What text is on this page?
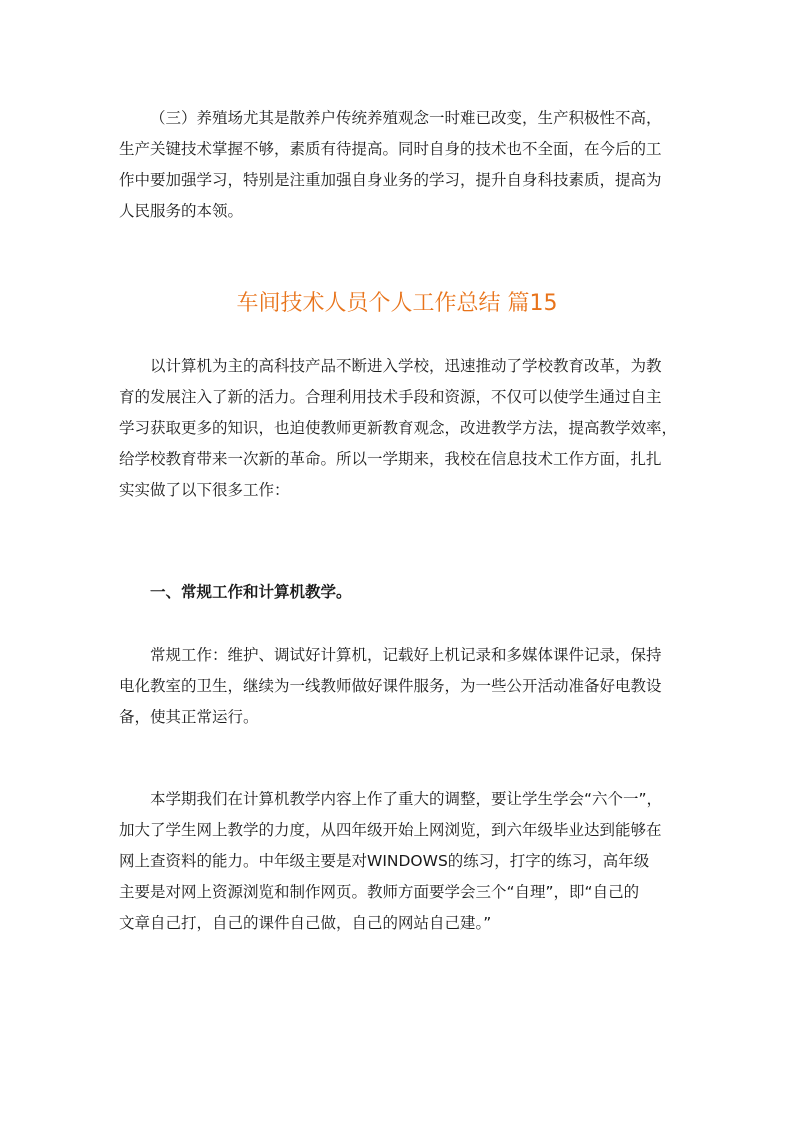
（三）养殖场尤其是散养户传统养殖观念一时难已改变，生产积极性不高，
生产关键技术掌握不够，素质有待提高。同时自身的技术也不全面，在今后的工
作中要加强学习，特别是注重加强自身业务的学习，提升自身科技素质，提高为
人民服务的本领。

车间技术人员个人工作总结 篇15

以计算机为主的高科技产品不断进入学校，迅速推动了学校教育改革，为教
育的发展注入了新的活力。合理利用技术手段和资源，不仅可以使学生通过自主
学习获取更多的知识，也迫使教师更新教育观念，改进教学方法，提高教学效率，
给学校教育带来一次新的革命。所以一学期来，我校在信息技术工作方面，扎扎
实实做了以下很多工作：

一、常规工作和计算机教学。

常规工作：维护、调试好计算机，记载好上机记录和多媒体课件记录，保持
电化教室的卫生，继续为一线教师做好课件服务，为一些公开活动准备好电教设
备，使其正常运行。

本学期我们在计算机教学内容上作了重大的调整，要让学生学会“六个一”，
加大了学生网上教学的力度，从四年级开始上网浏览，到六年级毕业达到能够在
网上查资料的能力。中年级主要是对WINDOWS的练习，打字的练习，高年级
主要是对网上资源浏览和制作网页。教师方面要学会三个“自理”，即“自己的
文章自己打，自己的课件自己做，自己的网站自己建。”
